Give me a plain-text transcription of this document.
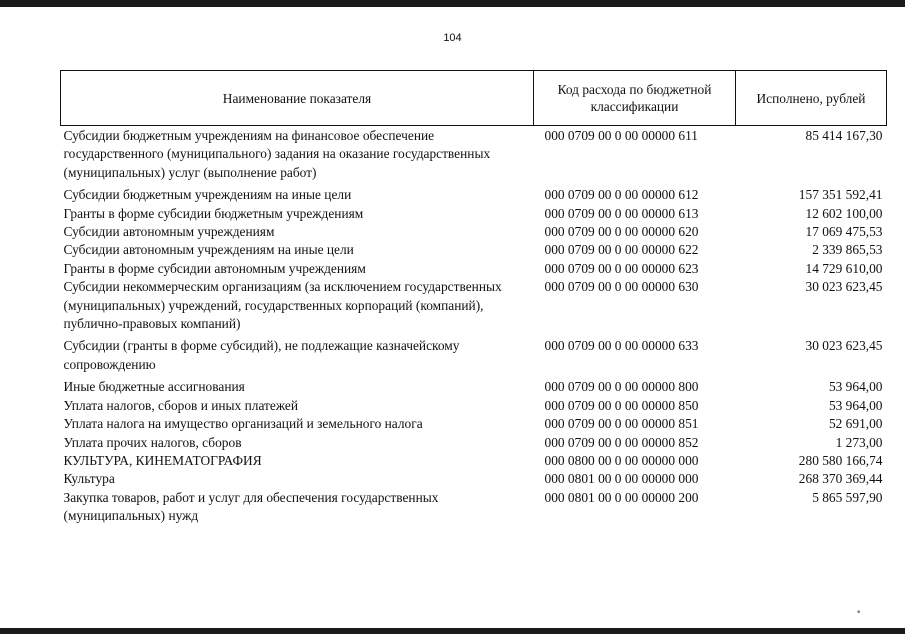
104
Наименование показателя	Код расхода по бюджетной классификации	Исполнено, рублей
Субсидии бюджетным учреждениям на финансовое обеспечение государственного (муниципального) задания на оказание государственных (муниципальных) услуг (выполнение работ)	000 0709 00 0 00 00000 611	85 414 167,30
Субсидии бюджетным учреждениям на иные цели	000 0709 00 0 00 00000 612	157 351 592,41
Гранты в форме субсидии бюджетным учреждениям	000 0709 00 0 00 00000 613	12 602 100,00
Субсидии автономным учреждениям	000 0709 00 0 00 00000 620	17 069 475,53
Субсидии автономным учреждениям на иные цели	000 0709 00 0 00 00000 622	2 339 865,53
Гранты в форме субсидии автономным учреждениям	000 0709 00 0 00 00000 623	14 729 610,00
Субсидии некоммерческим организациям (за исключением государственных (муниципальных) учреждений, государственных корпораций (компаний), публично-правовых компаний)	000 0709 00 0 00 00000 630	30 023 623,45
Субсидии (гранты в форме субсидий), не подлежащие казначейскому сопровождению	000 0709 00 0 00 00000 633	30 023 623,45
Иные бюджетные ассигнования	000 0709 00 0 00 00000 800	53 964,00
Уплата налогов, сборов и иных платежей	000 0709 00 0 00 00000 850	53 964,00
Уплата налога на имущество организаций и земельного налога	000 0709 00 0 00 00000 851	52 691,00
Уплата прочих налогов, сборов	000 0709 00 0 00 00000 852	1 273,00
КУЛЬТУРА, КИНЕМАТОГРАФИЯ	000 0800 00 0 00 00000 000	280 580 166,74
Культура	000 0801 00 0 00 00000 000	268 370 369,44
Закупка товаров, работ и услуг для обеспечения государственных (муниципальных) нужд	000 0801 00 0 00 00000 200	5 865 597,90
•
